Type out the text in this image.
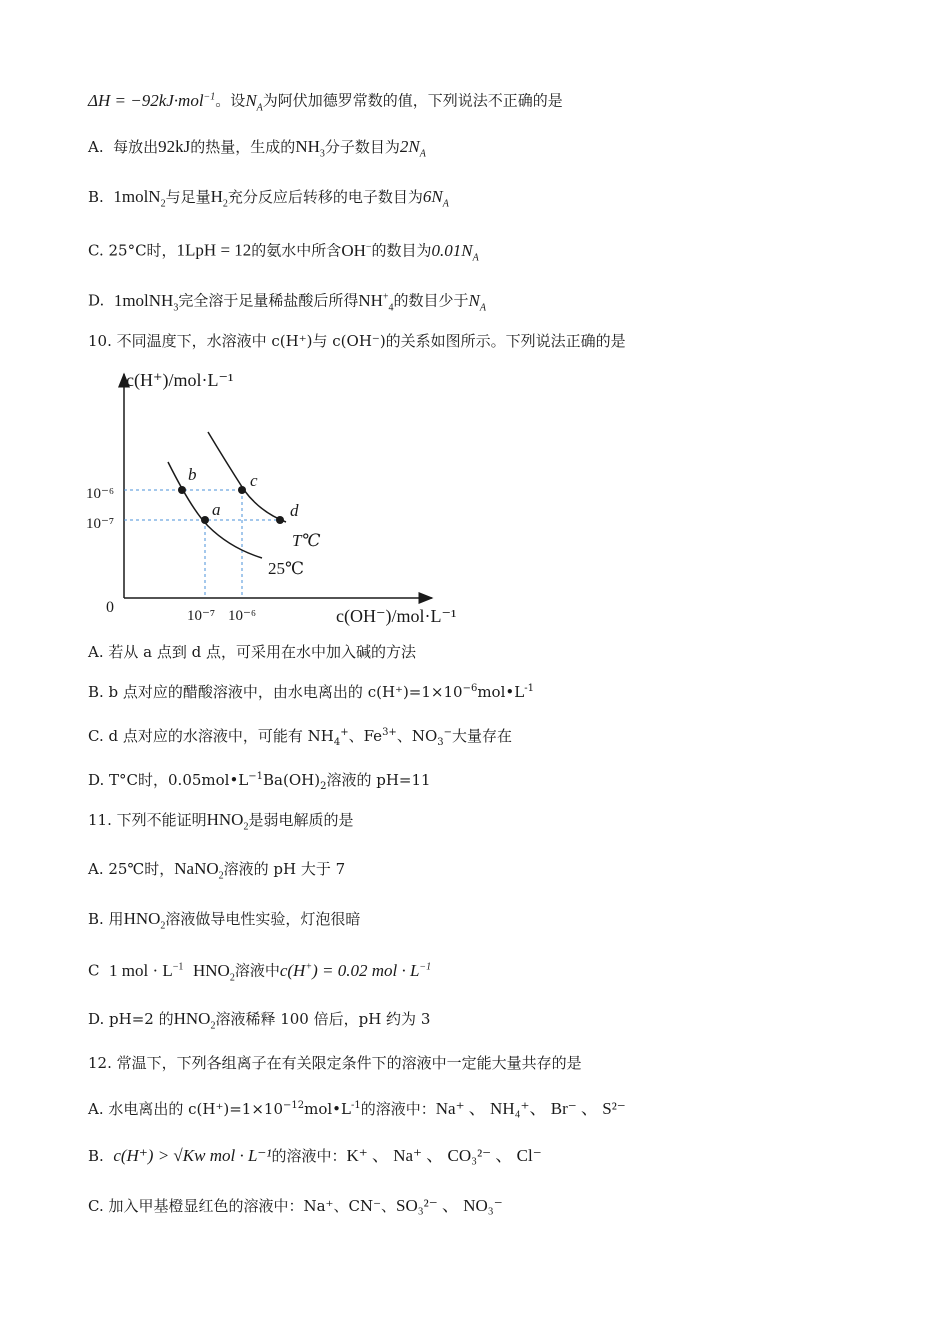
ΔH = −92kJ·mol$^{-1}$。设$N_A$为阿伏加德罗常数的值，下列说法不正确的是
A. 每放出92kJ的热量，生成的$NH_3$分子数目为$2N_A$
B. 1molN$_2$与足量$H_2$充分反应后转移的电子数目为$6N_A$
C. 25°C时，1LpH = 12的氨水中所含OH−的数目为$0.01N_A$
D. 1molNH$_3$完全溶于足量稀盐酸后所得$NH^+_4$的数目少于$N_A$
10. 不同温度下，水溶液中 c(H⁺)与 c(OH⁻)的关系如图所示。下列说法正确的是
c(H⁺)/mol·L⁻¹
c(OH⁻)/mol·L⁻¹
0
10⁻⁶
10⁻⁷
10⁻⁷ 10⁻⁶
25℃
T℃
a
b	c
d
A. 若从 a 点到 d 点，可采用在水中加入碱的方法
B. b 点对应的醋酸溶液中，由水电离出的 $c(H^+)=1\times 10^{-6}mol•L^{-1}$
C. d 点对应的水溶液中，可能有 $NH_4^+$、$Fe^{3+}$、$NO_3^-$大量存在
D. T°C时，$0.05mol•L^{-1}Ba(OH)_2$溶液的 pH=11
11. 下列不能证明$HNO_2$是弱电解质的是
A. 25℃时，NaNO$_2$溶液的 pH 大于 7
B. 用$HNO_2$溶液做导电性实验，灯泡很暗
C 1 mol · $L^{-1}$ $HNO_2$溶液中c(H+) = 0.02 mol · $L^{-1}$
D. pH=2 的$HNO_2$溶液稀释 100 倍后，pH 约为 3
12. 常温下，下列各组离子在有关限定条件下的溶液中一定能大量共存的是
A. 水电离出的 $c(H^+)=1\times 10^{-12}mol•L^{-1}$的溶液中：Na⁺ 、 NH₄⁺、 Br⁻ 、 S²⁻
B. c(H⁺) > √Kw mol · L⁻¹的溶液中：K⁺ 、 Na⁺ 、 CO₃²⁻ 、 Cl⁻
C. 加入甲基橙显红色的溶液中：Na⁺、CN⁻、SO₃²⁻ 、 NO₃⁻
